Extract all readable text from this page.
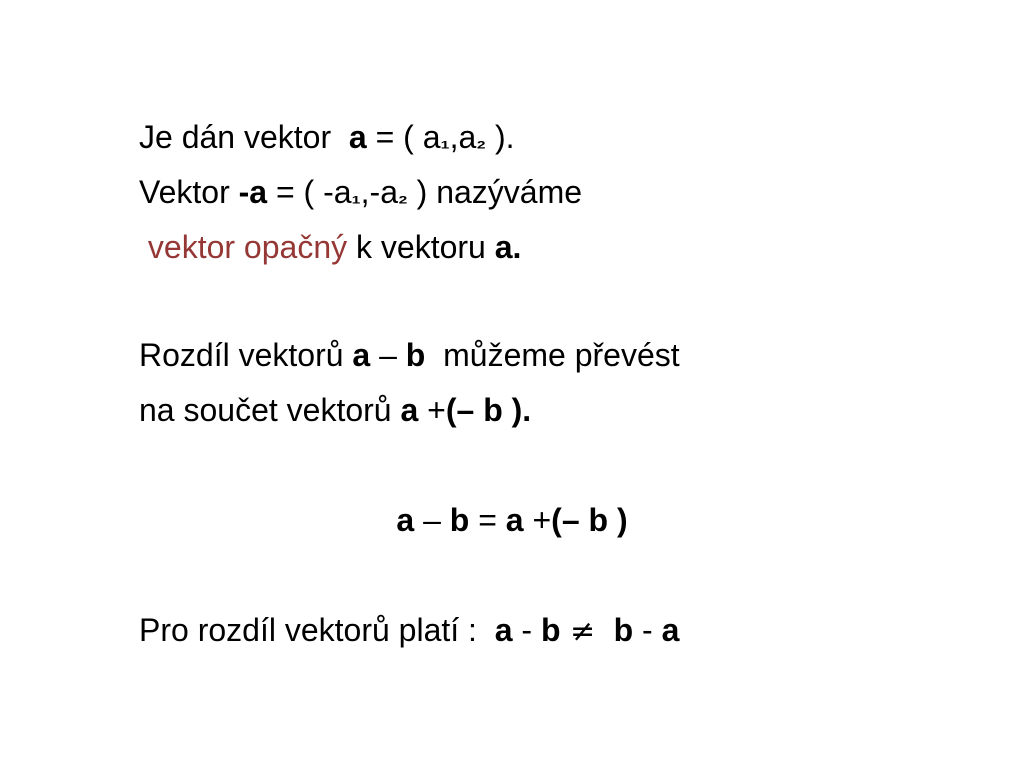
Je dán vektor  a = ( a₁,a₂ ).
Vektor -a = ( -a₁,-a₂ ) nazýváme
vektor opačný k vektoru a.
Rozdíl vektorů a – b  můžeme převést
na součet vektorů a +(– b ).
a – b = a +(– b )
Pro rozdíl vektorů platí :  a - b ≠  b - a
